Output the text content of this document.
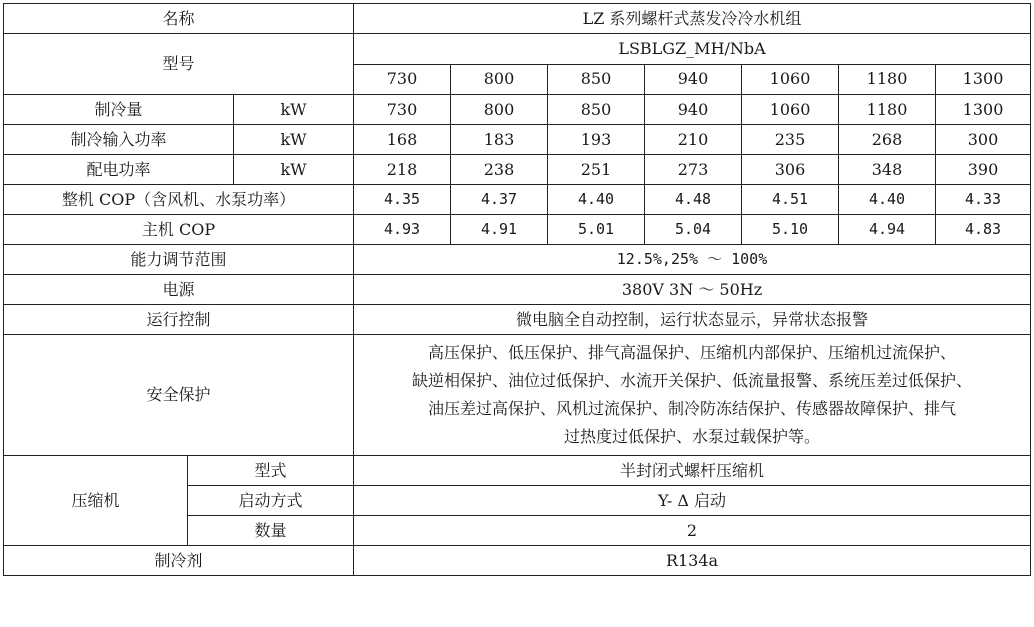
名称			LZ 系列螺杆式蒸发冷冷水机组						
型号			LSBLGZ_MH/NbA						
			730	800	850	940	1060	1180	1300
制冷量		kW	730	800	850	940	1060	1180	1300
制冷输入功率		kW	168	183	193	210	235	268	300
配电功率		kW	218	238	251	273	306	348	390
整机 COP（含风机、水泵功率）			4.35	4.37	4.40	4.48	4.51	4.40	4.33
主机 COP			4.93	4.91	5.01	5.04	5.10	4.94	4.83
能力调节范围			12.5%,25% ～ 100%						
电源			380V 3N ～ 50Hz						
运行控制			微电脑全自动控制，运行状态显示，异常状态报警						
安全保护			高压保护、低压保护、排气高温保护、压缩机内部保护、压缩机过流保护、
缺逆相保护、油位过低保护、水流开关保护、低流量报警、系统压差过低保护、
油压差过高保护、风机过流保护、制冷防冻结保护、传感器故障保护、排气
过热度过低保护、水泵过载保护等。						

压缩机	型式		半封闭式螺杆压缩机						
	启动方式		Y- Δ 启动						
	数量		2						
制冷剂			R134a						
